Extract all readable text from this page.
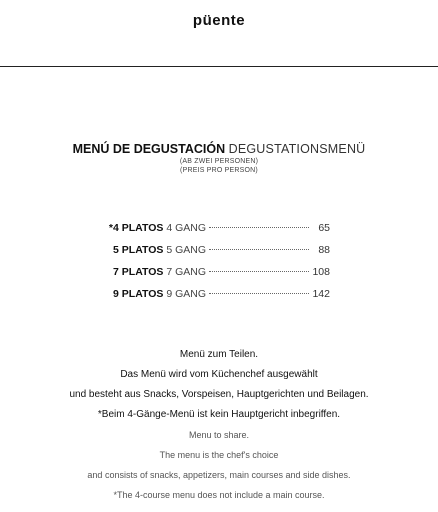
püente
MENÚ DE DEGUSTACIÓN DEGUSTATIONSMENÜ
(AB ZWEI PERSONEN)
(PREIS PRO PERSON)
*4 PLATOS 4 GANG	65
5 PLATOS 5 GANG	88
7 PLATOS 7 GANG	108
9 PLATOS 9 GANG	142

Menü zum Teilen.

Das Menü wird vom Küchenchef ausgewählt

und besteht aus Snacks, Vorspeisen, Hauptgerichten und Beilagen.

*Beim 4-Gänge-Menü ist kein Hauptgericht inbegriffen.

Menu to share.

The menu is the chef's choice

and consists of snacks, appetizers, main courses and side dishes.

*The 4-course menu does not include a main course.
